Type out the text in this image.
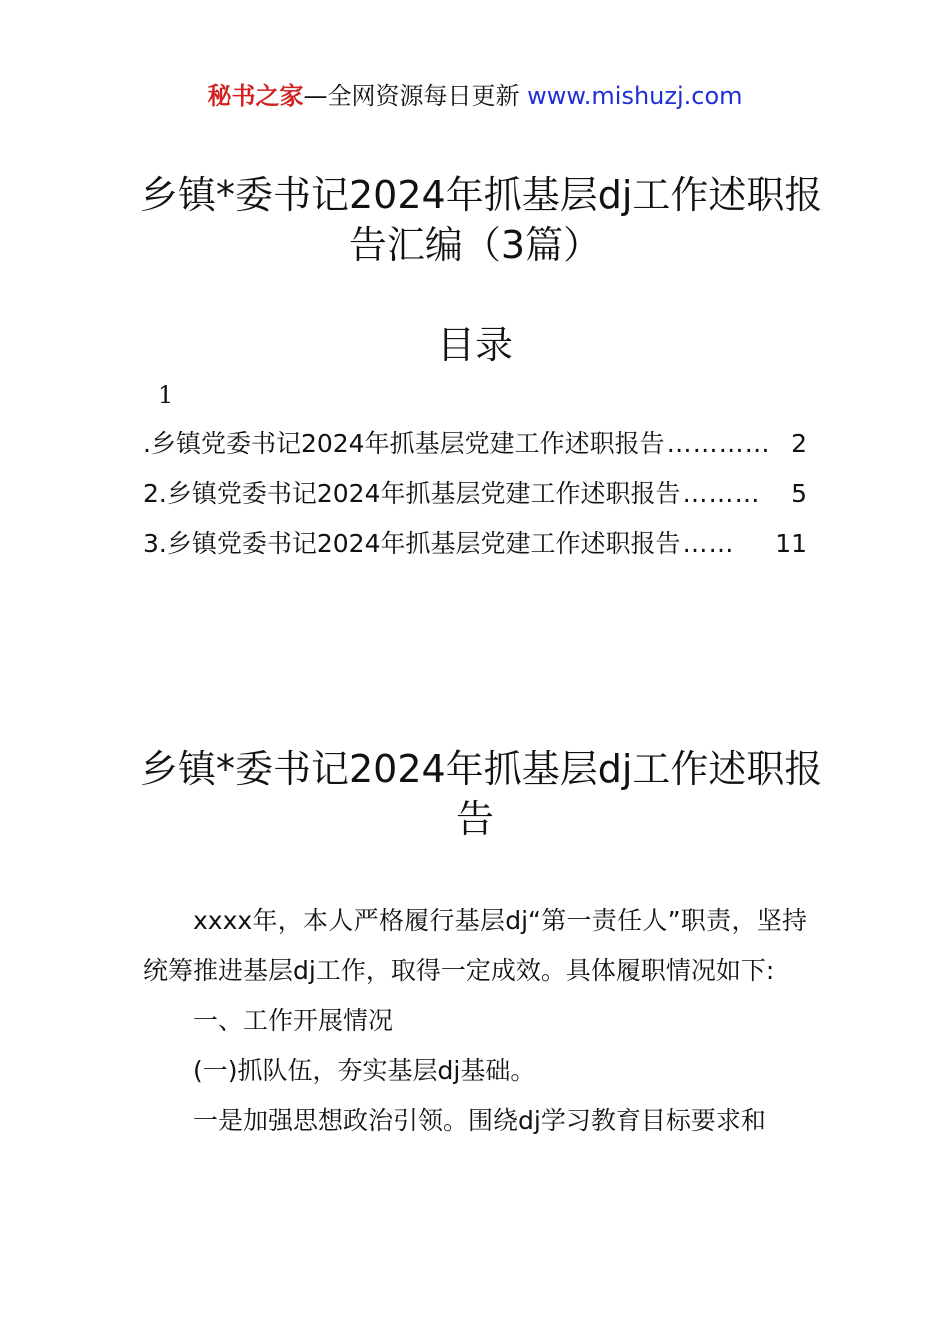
秘书之家—全网资源每日更新 www.mishuzj.com
乡镇*委书记2024年抓基层dj工作述职报
告汇编（3篇）
目录
1
.乡镇党委书记2024年抓基层党建工作述职报告 ………… 2
2.乡镇党委书记2024年抓基层党建工作述职报告 ………	5
3.乡镇党委书记2024年抓基层党建工作述职报告 ……	11
乡镇*委书记2024年抓基层dj工作述职报
告

xxxx年，本人严格履行基层dj“第一责任人”职责，坚持统筹推进基层dj工作，取得一定成效。具体履职情况如下:

一、工作开展情况

(一)抓队伍，夯实基层dj基础。

一是加强思想政治引领。围绕dj学习教育目标要求和
